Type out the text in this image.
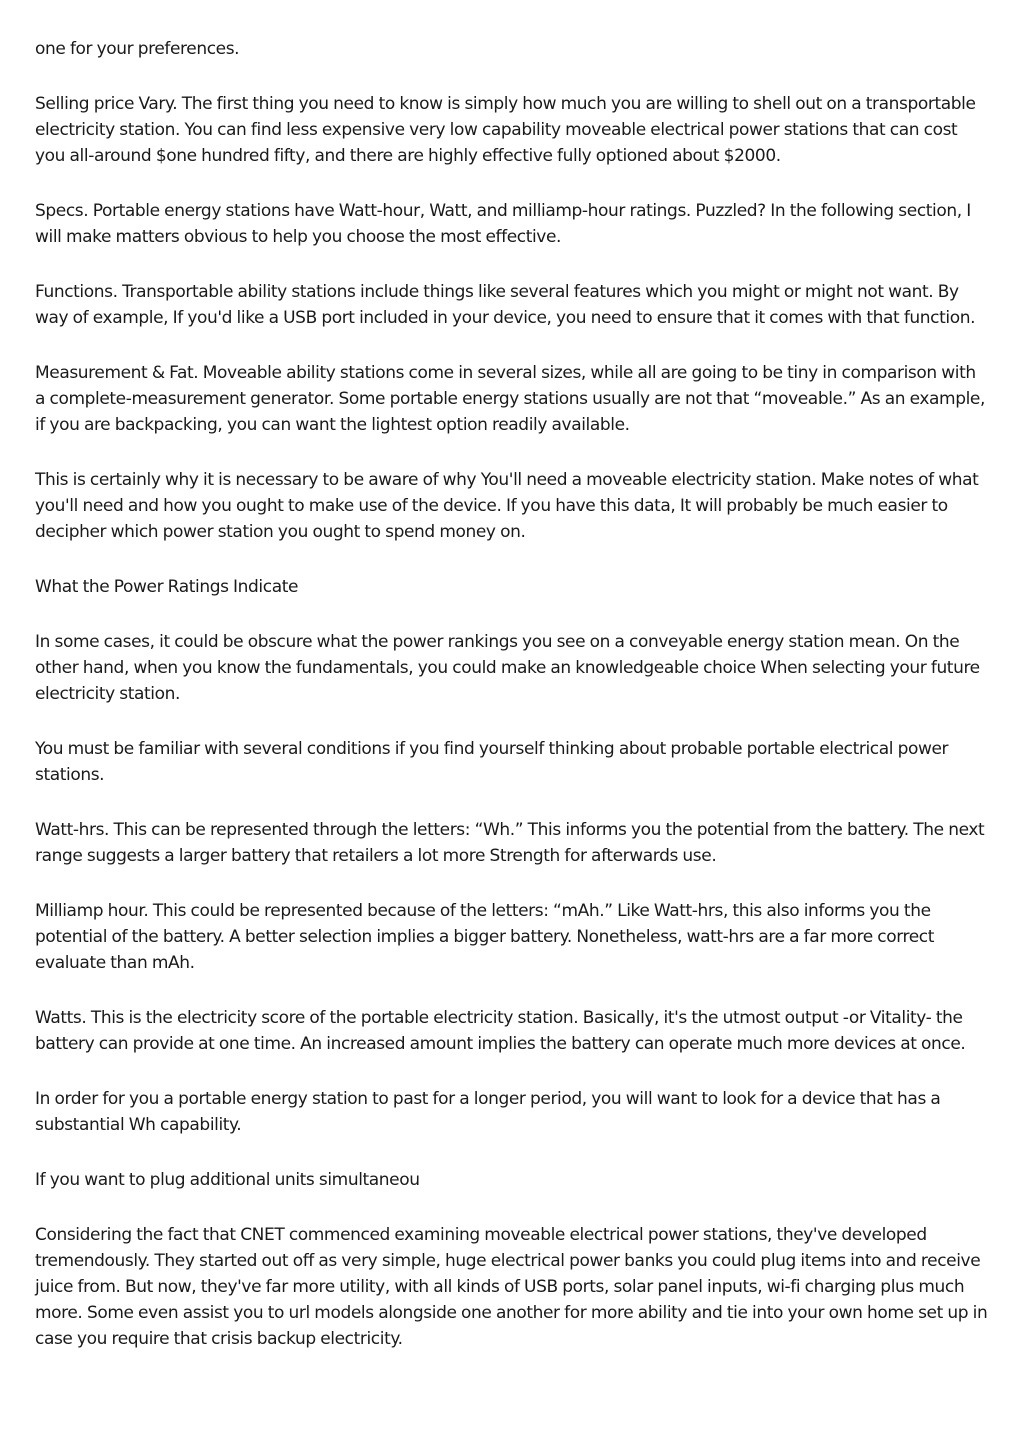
one for your preferences.

Selling price Vary. The first thing you need to know is simply how much you are willing to shell out on a transportable electricity station. You can find less expensive very low capability moveable electrical power stations that can cost you all-around $one hundred fifty, and there are highly effective fully optioned about $2000.

Specs. Portable energy stations have Watt-hour, Watt, and milliamp-hour ratings. Puzzled? In the following section, I will make matters obvious to help you choose the most effective.

Functions. Transportable ability stations include things like several features which you might or might not want. By way of example, If you'd like a USB port included in your device, you need to ensure that it comes with that function.

Measurement & Fat. Moveable ability stations come in several sizes, while all are going to be tiny in comparison with a complete-measurement generator. Some portable energy stations usually are not that “moveable.” As an example, if you are backpacking, you can want the lightest option readily available.

This is certainly why it is necessary to be aware of why You'll need a moveable electricity station. Make notes of what you'll need and how you ought to make use of the device. If you have this data, It will probably be much easier to decipher which power station you ought to spend money on.

What the Power Ratings Indicate

In some cases, it could be obscure what the power rankings you see on a conveyable energy station mean. On the other hand, when you know the fundamentals, you could make an knowledgeable choice When selecting your future electricity station.

You must be familiar with several conditions if you find yourself thinking about probable portable electrical power stations.

Watt-hrs. This can be represented through the letters: “Wh.” This informs you the potential from the battery. The next range suggests a larger battery that retailers a lot more Strength for afterwards use.

Milliamp hour. This could be represented because of the letters: “mAh.” Like Watt-hrs, this also informs you the potential of the battery. A better selection implies a bigger battery. Nonetheless, watt-hrs are a far more correct evaluate than mAh.

Watts. This is the electricity score of the portable electricity station. Basically, it's the utmost output -or Vitality- the battery can provide at one time. An increased amount implies the battery can operate much more devices at once.

In order for you a portable energy station to past for a longer period, you will want to look for a device that has a substantial Wh capability.

If you want to plug additional units simultaneou

Considering the fact that CNET commenced examining moveable electrical power stations, they've developed tremendously. They started out off as very simple, huge electrical power banks you could plug items into and receive juice from. But now, they've far more utility, with all kinds of USB ports, solar panel inputs, wi-fi charging plus much more. Some even assist you to url models alongside one another for more ability and tie into your own home set up in case you require that crisis backup electricity.
